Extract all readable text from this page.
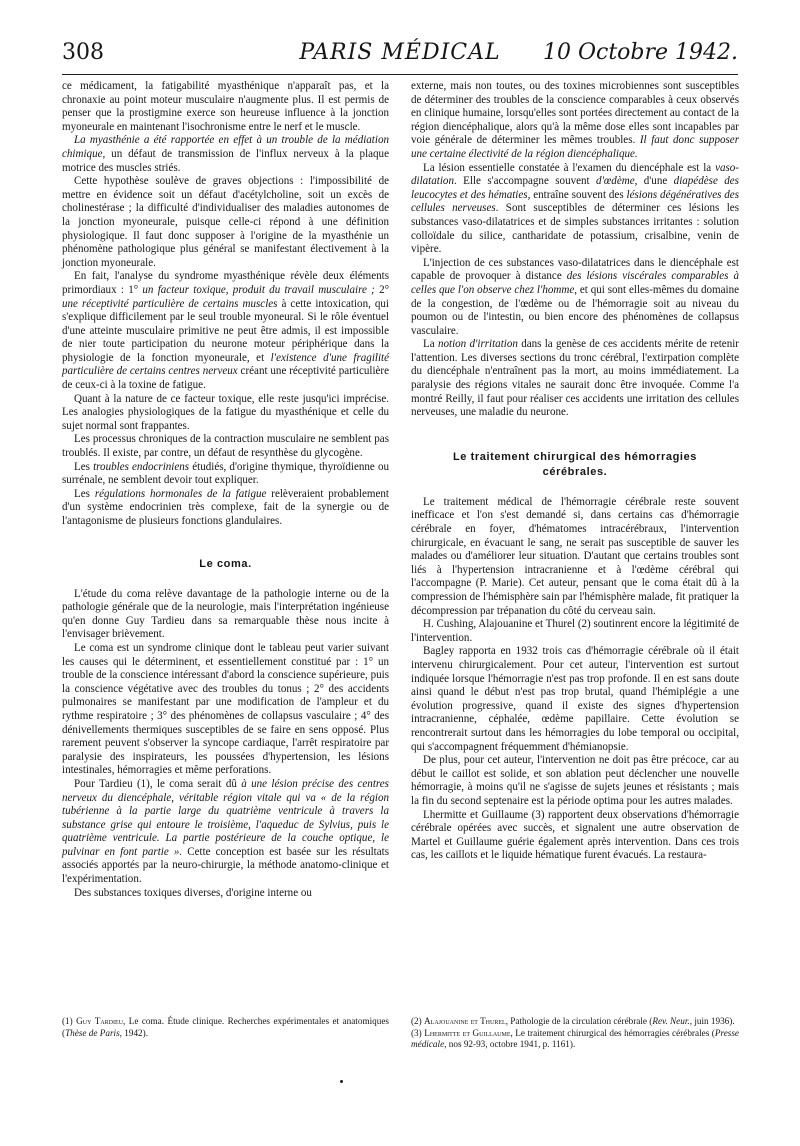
308	PARIS MÉDICAL	10 Octobre 1942.

ce médicament, la fatigabilité myasthénique n'apparaît pas, et la chronaxie au point moteur musculaire n'augmente plus. Il est permis de penser que la prostigmine exerce son heureuse influence à la jonction myoneurale en maintenant l'isochronisme entre le nerf et le muscle.

La myasthénie a été rapportée en effet à un trouble de la médiation chimique, un défaut de transmission de l'influx nerveux à la plaque motrice des muscles striés.

Cette hypothèse soulève de graves objections : l'impossibilité de mettre en évidence soit un défaut d'acétylcholine, soit un excès de cholinestérase ; la difficulté d'individualiser des maladies autonomes de la jonction myoneurale, puisque celle-ci répond à une définition physiologique. Il faut donc supposer à l'origine de la myasthénie un phénomène pathologique plus général se manifestant électivement à la jonction myoneurale.

En fait, l'analyse du syndrome myasthénique révèle deux éléments primordiaux : 1° un facteur toxique, produit du travail musculaire ; 2° une réceptivité particulière de certains muscles à cette intoxication, qui s'explique difficilement par le seul trouble myoneural. Si le rôle éventuel d'une atteinte musculaire primitive ne peut être admis, il est impossible de nier toute participation du neurone moteur périphérique dans la physiologie de la fonction myoneurale, et l'existence d'une fragilité particulière de certains centres nerveux créant une réceptivité particulière de ceux-ci à la toxine de fatigue.

Quant à la nature de ce facteur toxique, elle reste jusqu'ici imprécise. Les analogies physiologiques de la fatigue du myasthénique et celle du sujet normal sont frappantes.

Les processus chroniques de la contraction musculaire ne semblent pas troublés. Il existe, par contre, un défaut de resynthèse du glycogène.

Les troubles endocriniens étudiés, d'origine thymique, thyroïdienne ou surrénale, ne semblent devoir tout expliquer.

Les régulations hormonales de la fatigue relèveraient probablement d'un système endocrinien très complexe, fait de la synergie ou de l'antagonisme de plusieurs fonctions glandulaires.

Le coma.

L'étude du coma relève davantage de la pathologie interne ou de la pathologie générale que de la neurologie, mais l'interprétation ingénieuse qu'en donne Guy Tardieu dans sa remarquable thèse nous incite à l'envisager brièvement.

Le coma est un syndrome clinique dont le tableau peut varier suivant les causes qui le déterminent, et essentiellement constitué par : 1° un trouble de la conscience intéressant d'abord la conscience supérieure, puis la conscience végétative avec des troubles du tonus ; 2° des accidents pulmonaires se manifestant par une modification de l'ampleur et du rythme respiratoire ; 3° des phénomènes de collapsus vasculaire ; 4° des dénivellements thermiques susceptibles de se faire en sens opposé. Plus rarement peuvent s'observer la syncope cardiaque, l'arrêt respiratoire par paralysie des inspirateurs, les poussées d'hypertension, les lésions intestinales, hémorragies et même perforations.

Pour Tardieu (1), le coma serait dû à une lésion précise des centres nerveux du diencéphale, véritable région vitale qui va « de la région tubérienne à la partie large du quatrième ventricule à travers la substance grise qui entoure le troisième, l'aqueduc de Sylvius, puis le quatrième ventricule. La partie postérieure de la couche optique, le pulvinar en font partie ». Cette conception est basée sur les résultats associés apportés par la neuro-chirurgie, la méthode anatomo-clinique et l'expérimentation.

Des substances toxiques diverses, d'origine interne ou

externe, mais non toutes, ou des toxines microbiennes sont susceptibles de déterminer des troubles de la conscience comparables à ceux observés en clinique humaine, lorsqu'elles sont portées directement au contact de la région diencéphalique, alors qu'à la même dose elles sont incapables par voie générale de déterminer les mêmes troubles. Il faut donc supposer une certaine électivité de la région diencéphalique.

La lésion essentielle constatée à l'examen du diencéphale est la vaso-dilatation. Elle s'accompagne souvent d'œdème, d'une diapédèse des leucocytes et des hématies, entraîne souvent des lésions dégénératives des cellules nerveuses. Sont susceptibles de déterminer ces lésions les substances vaso-dilatatrices et de simples substances irritantes : solution colloïdale du silice, cantharidate de potassium, crisalbine, venin de vipère.

L'injection de ces substances vaso-dilatatrices dans le diencéphale est capable de provoquer à distance des lésions viscérales comparables à celles que l'on observe chez l'homme, et qui sont elles-mêmes du domaine de la congestion, de l'œdème ou de l'hémorragie soit au niveau du poumon ou de l'intestin, ou bien encore des phénomènes de collapsus vasculaire.

La notion d'irritation dans la genèse de ces accidents mérite de retenir l'attention. Les diverses sections du tronc cérébral, l'extirpation complète du diencéphale n'entraînent pas la mort, au moins immédiatement. La paralysie des régions vitales ne saurait donc être invoquée. Comme l'a montré Reilly, il faut pour réaliser ces accidents une irritation des cellules nerveuses, une maladie du neurone.

Le traitement chirurgical des hémorragies cérébrales.

Le traitement médical de l'hémorragie cérébrale reste souvent inefficace et l'on s'est demandé si, dans certains cas d'hémorragie cérébrale en foyer, d'hématomes intracérébraux, l'intervention chirurgicale, en évacuant le sang, ne serait pas susceptible de sauver les malades ou d'améliorer leur situation. D'autant que certains troubles sont liés à l'hypertension intracranienne et à l'œdème cérébral qui l'accompagne (P. Marie). Cet auteur, pensant que le coma était dû à la compression de l'hémisphère sain par l'hémisphère malade, fit pratiquer la décompression par trépanation du côté du cerveau sain.

H. Cushing, Alajouanine et Thurel (2) soutinrent encore la légitimité de l'intervention.

Bagley rapporta en 1932 trois cas d'hémorragie cérébrale où il était intervenu chirurgicalement. Pour cet auteur, l'intervention est surtout indiquée lorsque l'hémorragie n'est pas trop profonde. Il en est sans doute ainsi quand le début n'est pas trop brutal, quand l'hémiplégie a une évolution progressive, quand il existe des signes d'hypertension intracranienne, céphalée, œdème papillaire. Cette évolution se rencontrerait surtout dans les hémorragies du lobe temporal ou occipital, qui s'accompagnent fréquemment d'hémianopsie.

De plus, pour cet auteur, l'intervention ne doit pas être précoce, car au début le caillot est solide, et son ablation peut déclencher une nouvelle hémorragie, à moins qu'il ne s'agisse de sujets jeunes et résistants ; mais la fin du second septenaire est la période optima pour les autres malades.

Lhermitte et Guillaume (3) rapportent deux observations d'hémorragie cérébrale opérées avec succès, et signalent une autre observation de Martel et Guillaume guérie également après intervention. Dans ces trois cas, les caillots et le liquide hématique furent évacués. La restaura-

(1) Guy Tardieu, Le coma. Étude clinique. Recherches expérimentales et anatomiques (Thèse de Paris, 1942).

(2) Alajouanine et Thurel, Pathologie de la circulation cérébrale (Rev. Neur., juin 1936).

(3) Lhermitte et Guillaume, Le traitement chirurgical des hémorragies cérébrales (Presse médicale, nos 92-93, octobre 1941, p. 1161).
